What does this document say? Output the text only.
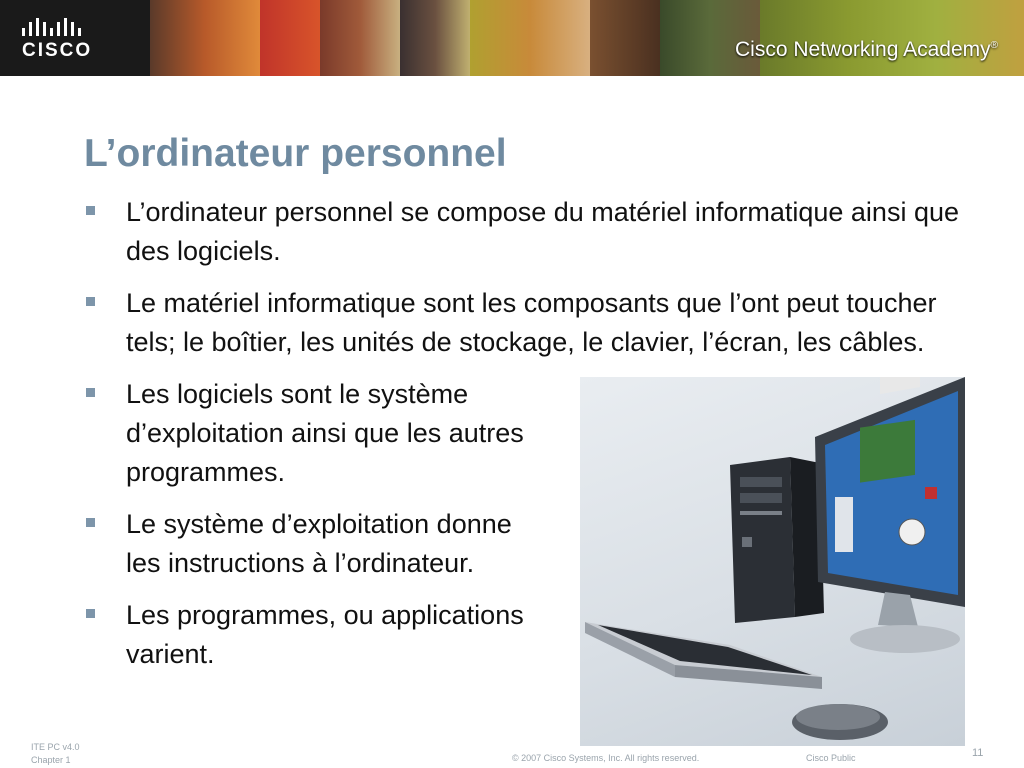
CISCO	Cisco Networking Academy®
L’ordinateur personnel
L’ordinateur personnel se compose du matériel informatique ainsi que des logiciels.
Le matériel informatique sont les composants que l’ont peut toucher tels; le boîtier, les unités de stockage, le clavier, l’écran, les câbles.
Les logiciels sont le système d’exploitation ainsi que les autres programmes.
Le système d’exploitation donne les instructions à l’ordinateur.
Les programmes, ou applications varient.
ITE PC v4.0
Chapter 1	© 2007 Cisco Systems, Inc. All rights reserved.	Cisco Public	11
